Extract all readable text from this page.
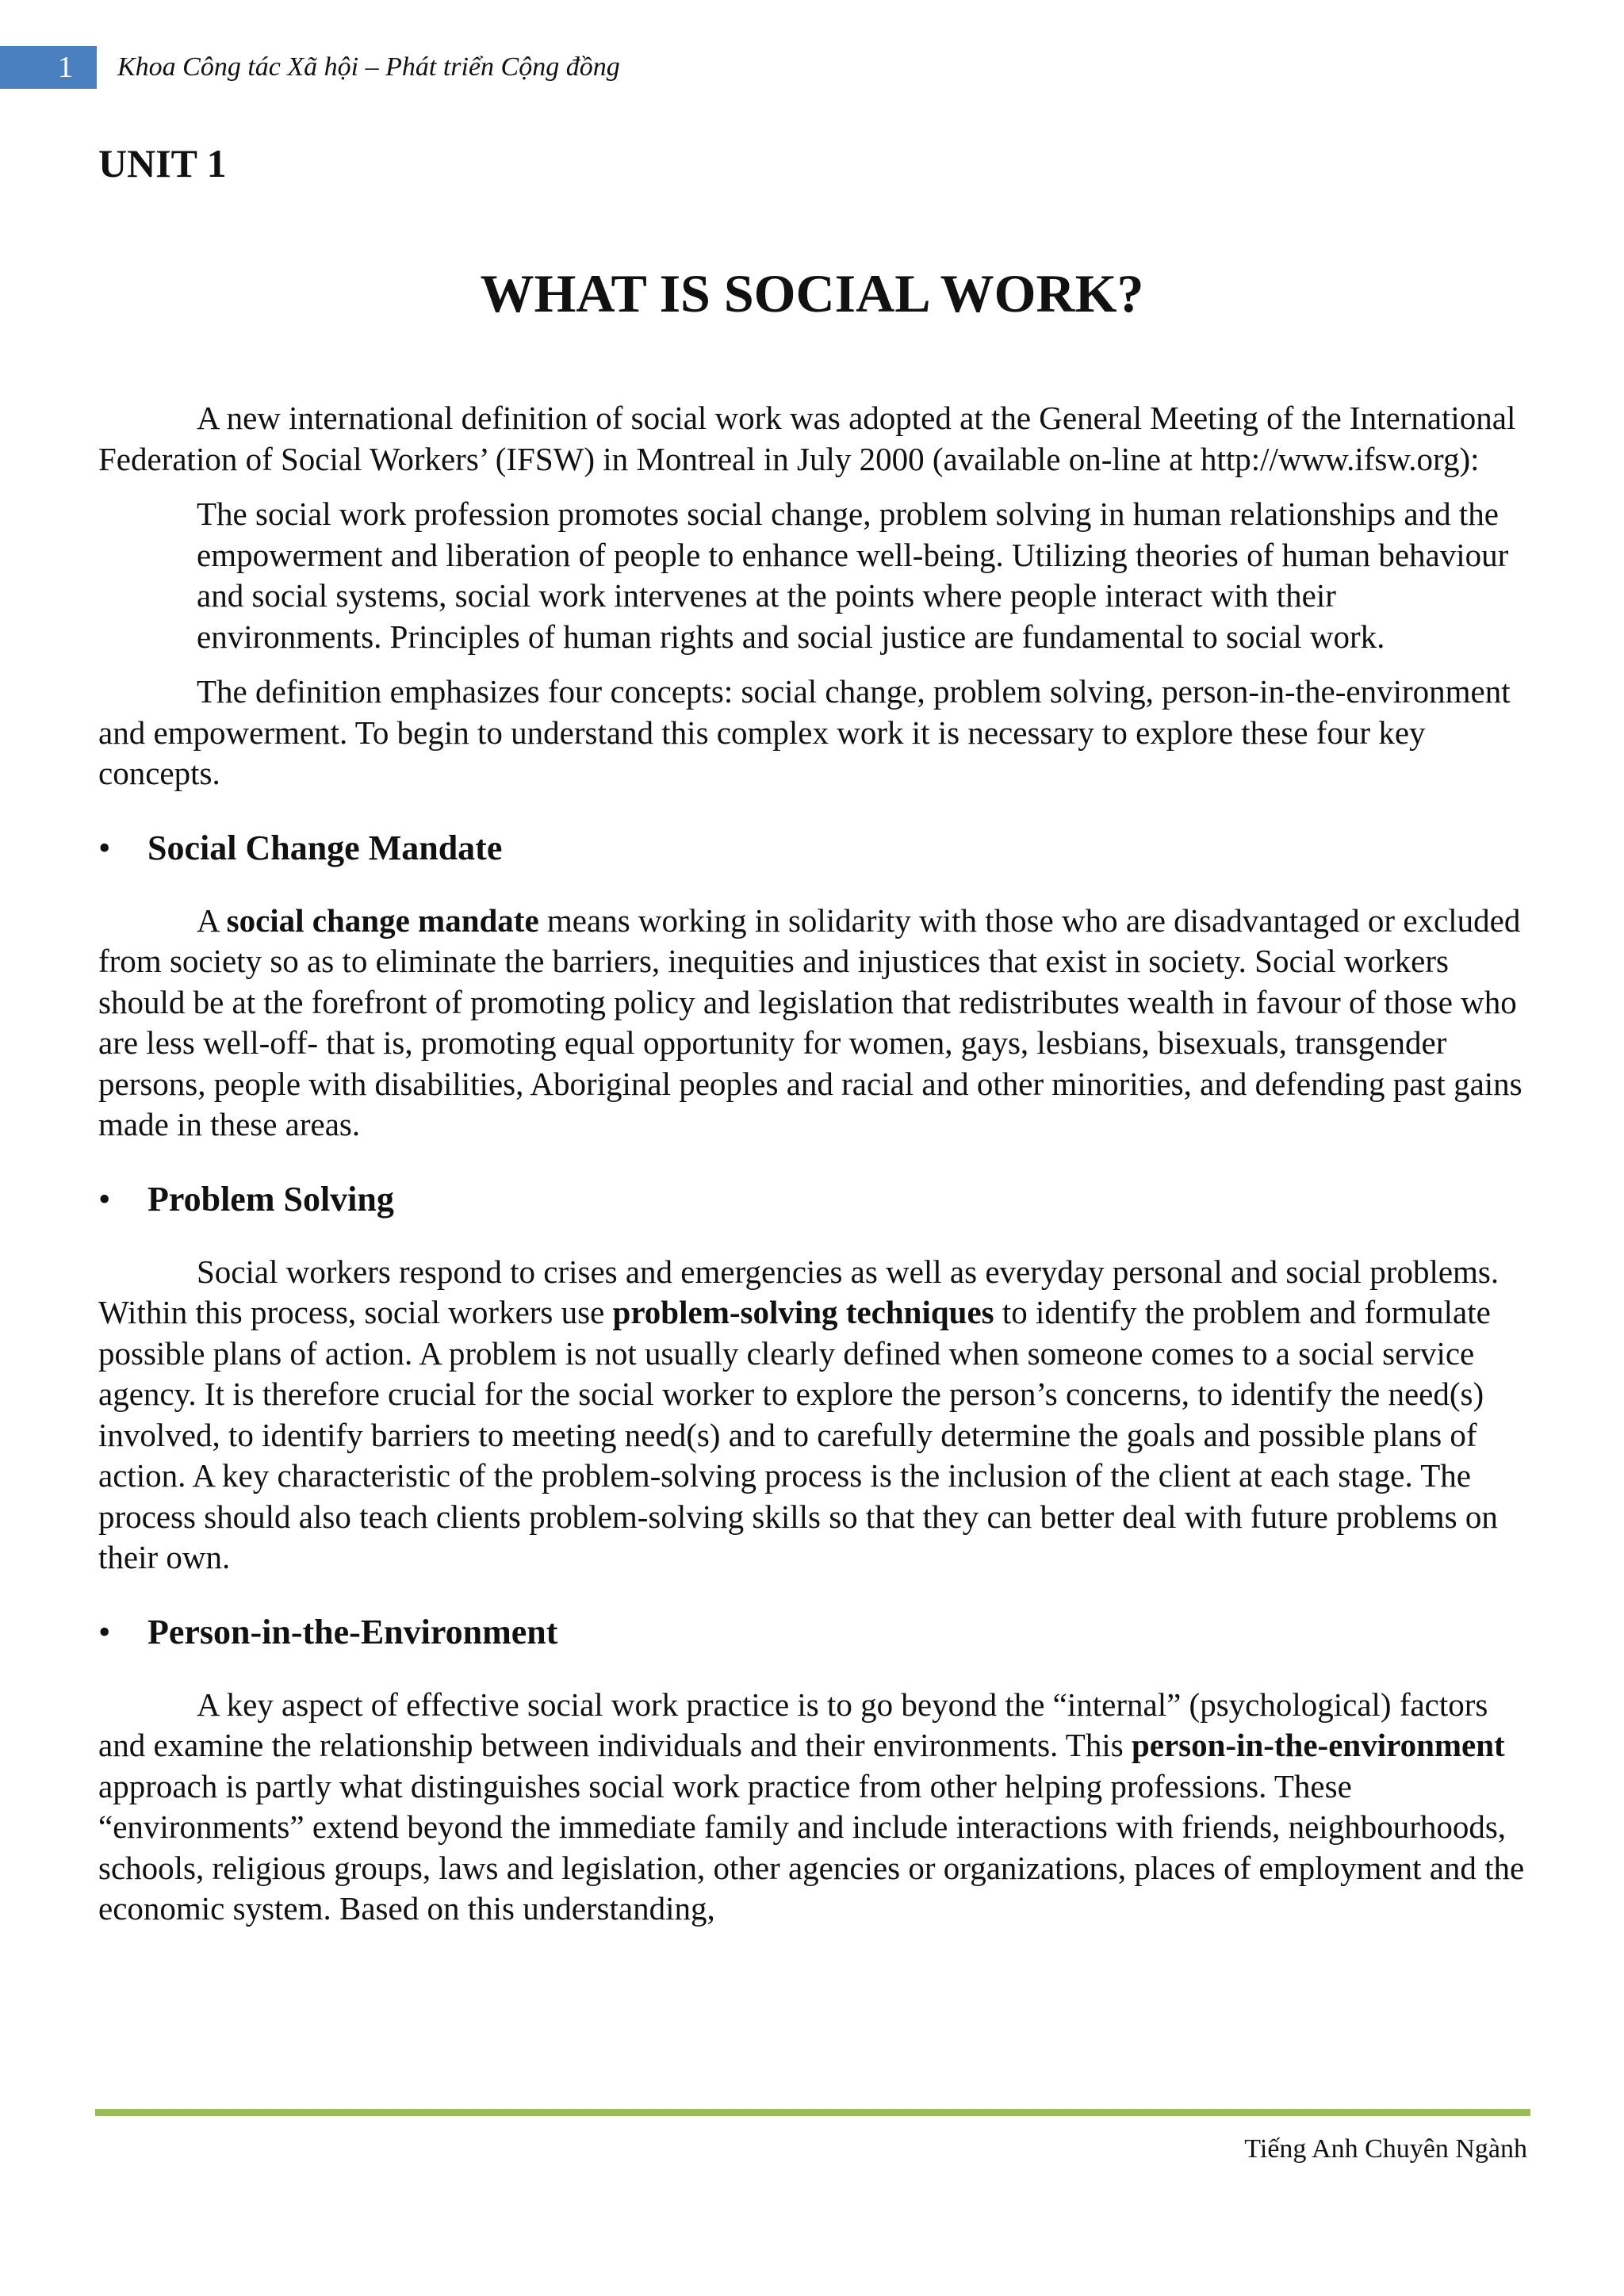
1	Khoa Công tác Xã hội – Phát triển Cộng đồng
UNIT 1
WHAT IS SOCIAL WORK?

A new international definition of social work was adopted at the General Meeting of the International Federation of Social Workers’ (IFSW) in Montreal in July 2000 (available on-line at http://www.ifsw.org):

The social work profession promotes social change, problem solving in human relationships and the empowerment and liberation of people to enhance well-being. Utilizing theories of human behaviour and social systems, social work intervenes at the points where people interact with their environments. Principles of human rights and social justice are fundamental to social work.

The definition emphasizes four concepts: social change, problem solving, person-in-the-environment and empowerment. To begin to understand this complex work it is necessary to explore these four key concepts.

• Social Change Mandate

A social change mandate means working in solidarity with those who are disadvantaged or excluded from society so as to eliminate the barriers, inequities and injustices that exist in society. Social workers should be at the forefront of promoting policy and legislation that redistributes wealth in favour of those who are less well-off- that is, promoting equal opportunity for women, gays, lesbians, bisexuals, transgender persons, people with disabilities, Aboriginal peoples and racial and other minorities, and defending past gains made in these areas.

• Problem Solving

Social workers respond to crises and emergencies as well as everyday personal and social problems. Within this process, social workers use problem-solving techniques to identify the problem and formulate possible plans of action. A problem is not usually clearly defined when someone comes to a social service agency. It is therefore crucial for the social worker to explore the person’s concerns, to identify the need(s) involved, to identify barriers to meeting need(s) and to carefully determine the goals and possible plans of action. A key characteristic of the problem-solving process is the inclusion of the client at each stage. The process should also teach clients problem-solving skills so that they can better deal with future problems on their own.

• Person-in-the-Environment

A key aspect of effective social work practice is to go beyond the “internal” (psychological) factors and examine the relationship between individuals and their environments. This person-in-the-environment approach is partly what distinguishes social work practice from other helping professions. These “environments” extend beyond the immediate family and include interactions with friends, neighbourhoods, schools, religious groups, laws and legislation, other agencies or organizations, places of employment and the economic system. Based on this understanding,

Tiếng Anh Chuyên Ngành
